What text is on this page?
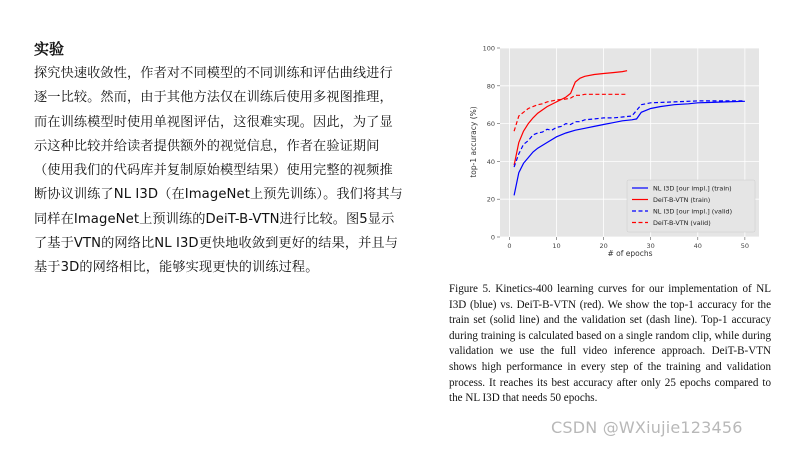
实验

探究快速收敛性，作者对不同模型的不同训练和评估曲线进行逐一比较。然而，由于其他方法仅在训练后使用多视图推理，而在训练模型时使用单视图评估，这很难实现。因此，为了显示这种比较并给读者提供额外的视觉信息，作者在验证期间（使用我们的代码库并复制原始模型结果）使用完整的视频推断协议训练了NL I3D（在ImageNet上预先训练）。我们将其与同样在ImageNet上预训练的DeiT-B-VTN进行比较。图5显示了基于VTN的网络比NL I3D更快地收敛到更好的结果，并且与基于3D的网络相比，能够实现更快的训练过程。

0
20
40
60
80
100
0	10	20	30	40	50
top-1 accuracy (%)
# of epochs
NL I3D [our impl.] (train)
DeiT-B-VTN (train)
NL I3D [our impl.] (valid)
DeiT-B-VTN (valid)

Figure 5. Kinetics-400 learning curves for our implementation of NL I3D (blue) vs. DeiT-B-VTN (red). We show the top-1 accuracy for the train set (solid line) and the validation set (dash line). Top-1 accuracy during training is calculated based on a single random clip, while during validation we use the full video inference approach. DeiT-B-VTN shows high performance in every step of the training and validation process. It reaches its best accuracy after only 25 epochs compared to the NL I3D that needs 50 epochs.

CSDN @WXiujie123456
